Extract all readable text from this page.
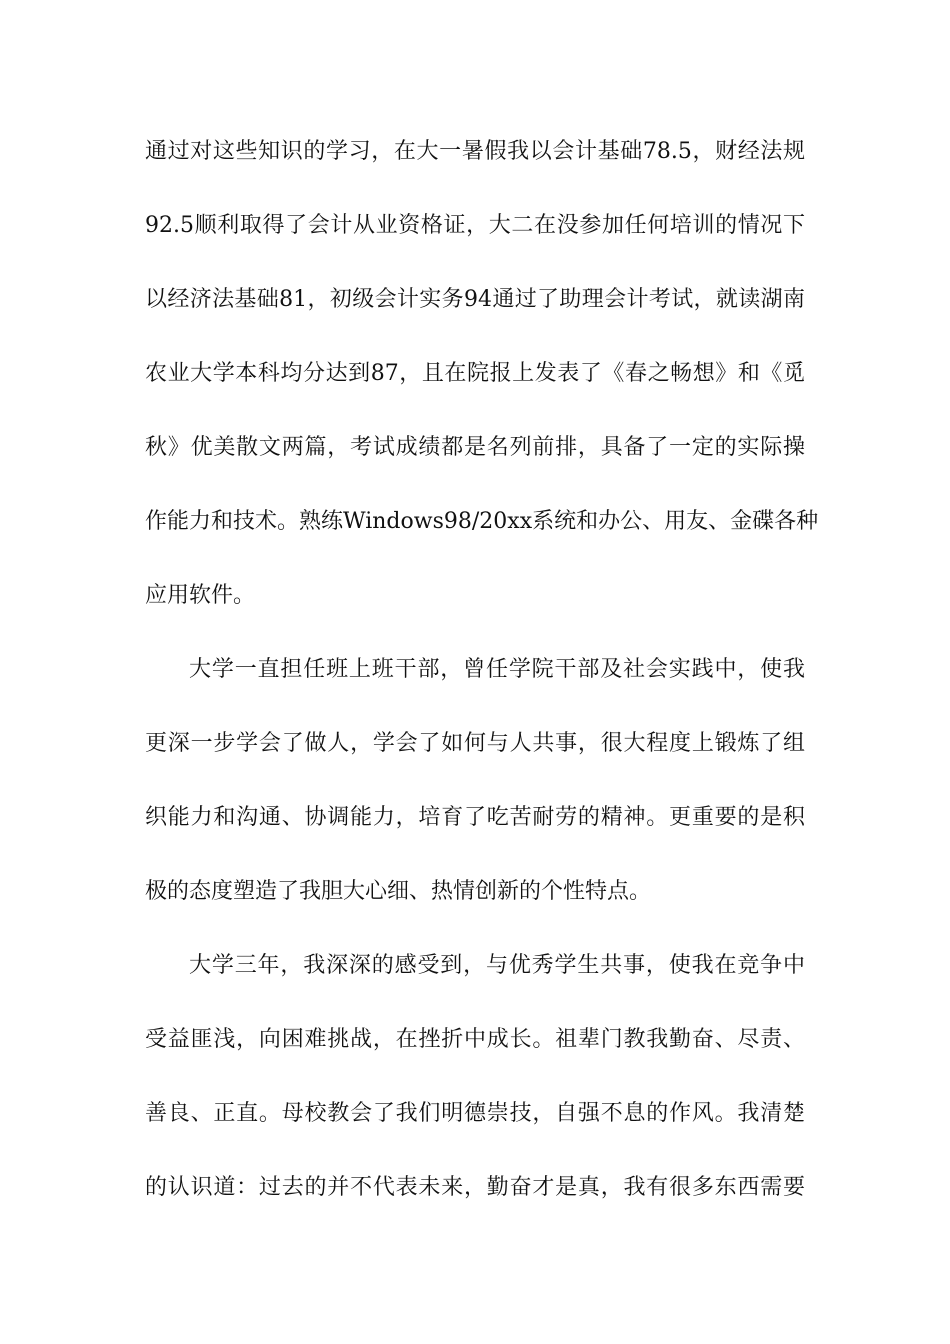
通过对这些知识的学习，在大一暑假我以会计基础78.5，财经法规
92.5顺利取得了会计从业资格证，大二在没参加任何培训的情况下
以经济法基础81，初级会计实务94通过了助理会计考试，就读湖南
农业大学本科均分达到87，且在院报上发表了《春之畅想》和《觅
秋》优美散文两篇，考试成绩都是名列前排，具备了一定的实际操
作能力和技术。熟练Windows98/20xx系统和办公、用友、金碟各种
应用软件。
大学一直担任班上班干部，曾任学院干部及社会实践中，使我
更深一步学会了做人，学会了如何与人共事，很大程度上锻炼了组
织能力和沟通、协调能力，培育了吃苦耐劳的精神。更重要的是积
极的态度塑造了我胆大心细、热情创新的个性特点。
大学三年，我深深的感受到，与优秀学生共事，使我在竞争中
受益匪浅，向困难挑战，在挫折中成长。祖辈门教我勤奋、尽责、
善良、正直。母校教会了我们明德崇技，自强不息的作风。我清楚
的认识道：过去的并不代表未来，勤奋才是真，我有很多东西需要
